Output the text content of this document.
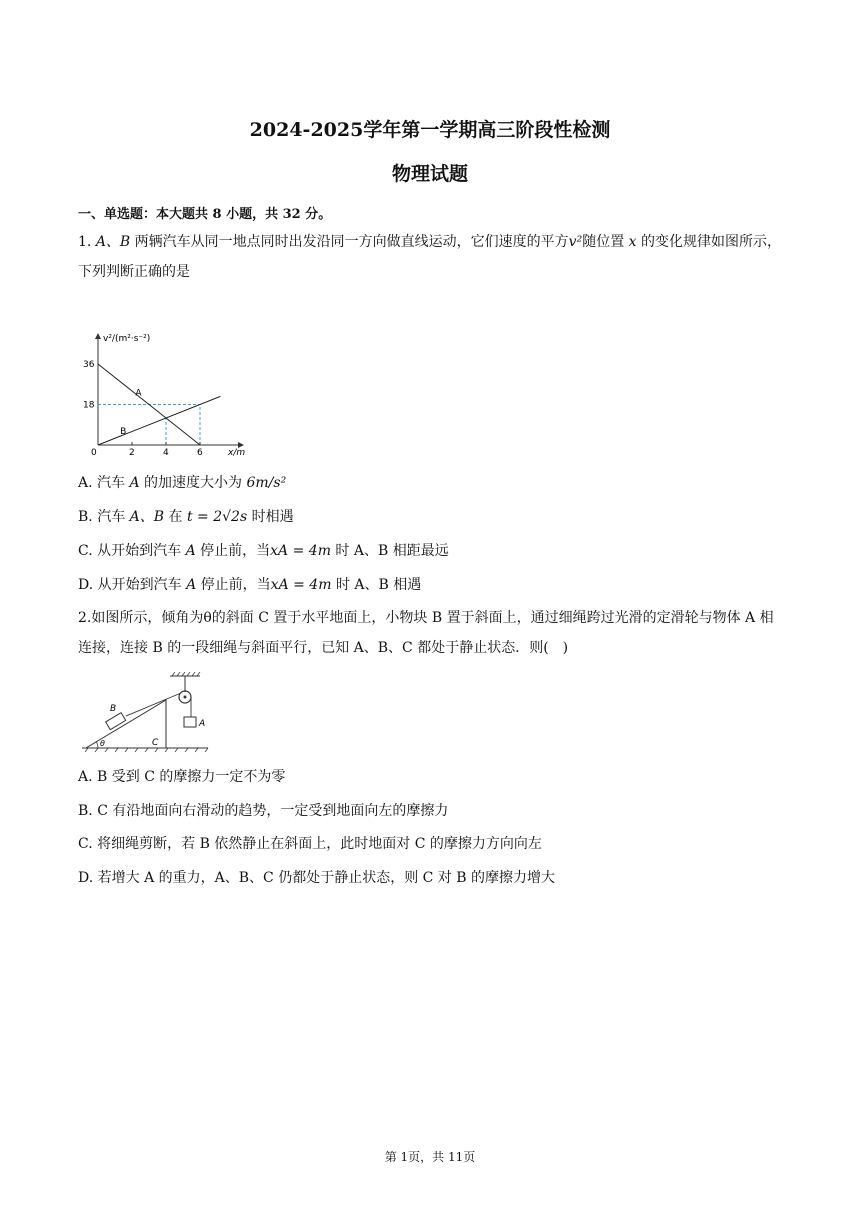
2024-2025学年第一学期高三阶段性检测
物理试题
一、单选题：本大题共 8 小题，共 32 分。
1. A、B 两辆汽车从同一地点同时出发沿同一方向做直线运动，它们速度的平方v²随位置 x 的变化规律如图所示，下列判断正确的是
A
B
0	2	4	6
18
36
v²/(m²·s⁻²)
x/m
A. 汽车 A 的加速度大小为 6m/s²
B. 汽车 A、B 在 t = 2√2s 时相遇
C. 从开始到汽车 A 停止前，当xA = 4m 时 A、B 相距最远
D. 从开始到汽车 A 停止前，当xA = 4m 时 A、B 相遇
2.如图所示，倾角为θ的斜面 C 置于水平地面上，小物块 B 置于斜面上，通过细绳跨过光滑的定滑轮与物体 A 相连接，连接 B 的一段细绳与斜面平行，已知 A、B、C 都处于静止状态．则(　)
B
A
C
θ
A. B 受到 C 的摩擦力一定不为零
B. C 有沿地面向右滑动的趋势，一定受到地面向左的摩擦力
C. 将细绳剪断，若 B 依然静止在斜面上，此时地面对 C 的摩擦力方向向左
D. 若增大 A 的重力，A、B、C 仍都处于静止状态，则 C 对 B 的摩擦力增大
第 1页，共 11页
